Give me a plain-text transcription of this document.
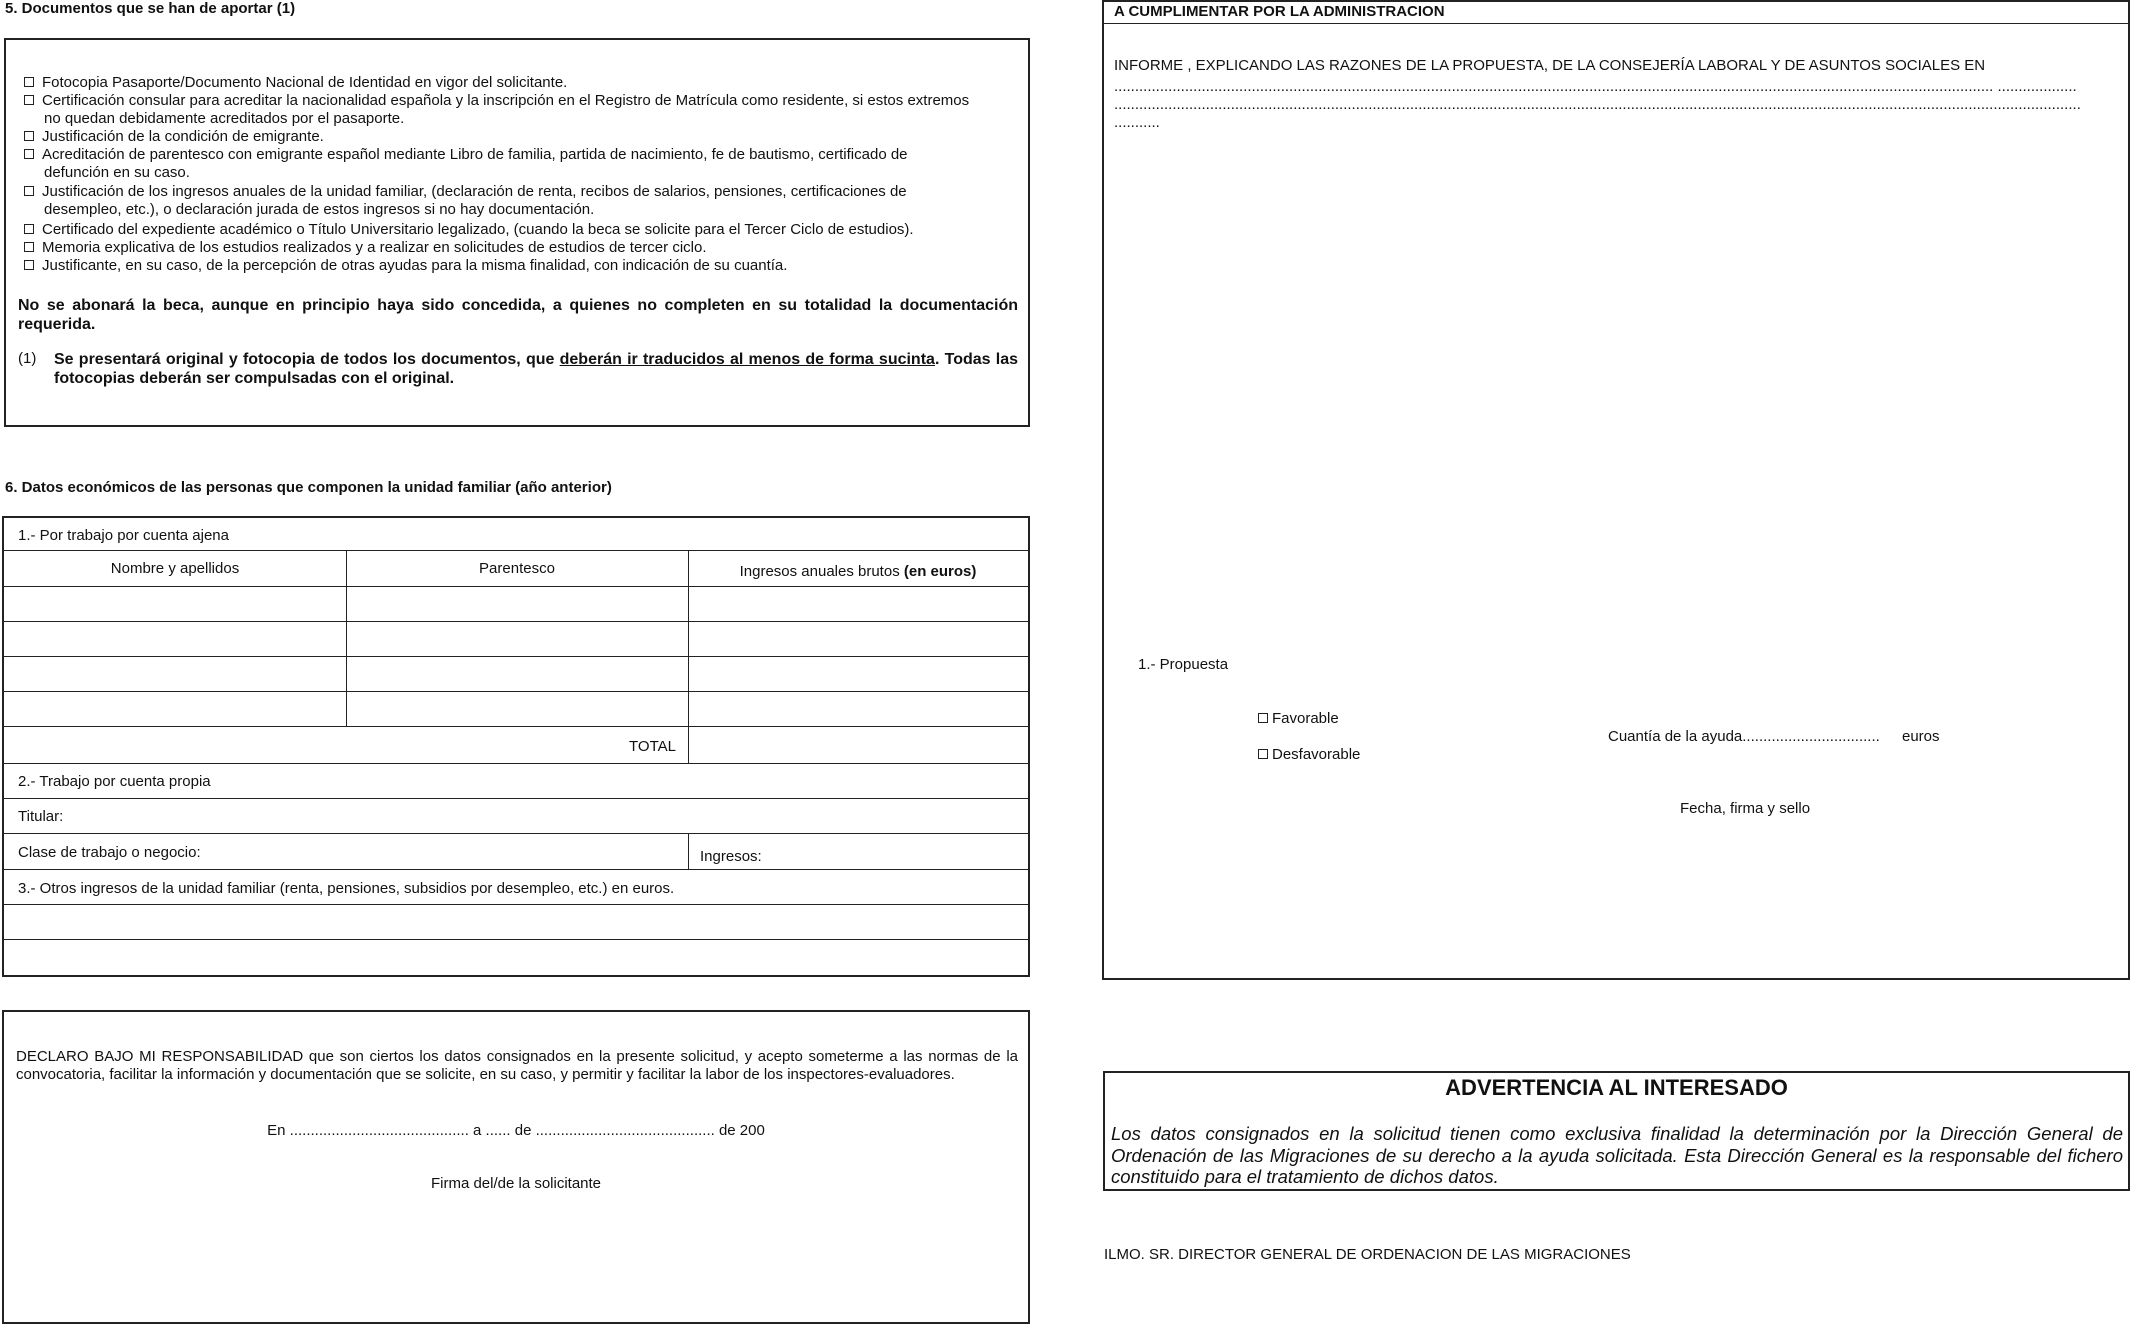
5. Documentos que se han de aportar (1)
Fotocopia Pasaporte/Documento Nacional de Identidad en vigor del solicitante.
Certificación consular para acreditar la nacionalidad española y la inscripción en el Registro de Matrícula como residente, si estos extremos
no quedan debidamente acreditados por el pasaporte.
Justificación de la condición de emigrante.
Acreditación de parentesco con emigrante español mediante Libro de familia, partida de nacimiento, fe de bautismo, certificado de
defunción en su caso.
Justificación de los ingresos anuales de la unidad familiar, (declaración de renta, recibos de salarios, pensiones, certificaciones de
desempleo, etc.), o declaración jurada de estos ingresos si no hay documentación.
Certificado del expediente académico o Título Universitario legalizado, (cuando la beca se solicite para el Tercer Ciclo de estudios).
Memoria explicativa de los estudios realizados y a realizar en solicitudes de estudios de tercer ciclo.
Justificante, en su caso, de la percepción de otras ayudas para la misma finalidad, con indicación de su cuantía.
No se abonará la beca, aunque en principio haya sido concedida, a quienes no completen en su totalidad la documentación requerida.
(1) Se presentará original y fotocopia de todos los documentos, que deberán ir traducidos al menos de forma sucinta. Todas las fotocopias deberán ser compulsadas con el original.
6. Datos económicos de las personas que componen la unidad familiar (año anterior)
1.- Por trabajo por cuenta ajena
Nombre y apellidos	Parentesco	Ingresos anuales brutos (en euros)
TOTAL
2.- Trabajo por cuenta propia
Titular:
Clase de trabajo o negocio:	Ingresos:
3.- Otros ingresos de la unidad familiar (renta, pensiones, subsidios por desempleo, etc.) en euros.
DECLARO BAJO MI RESPONSABILIDAD que son ciertos los datos consignados en la presente solicitud, y acepto someterme a las normas de la convocatoria, facilitar la información y documentación que se solicite, en su caso, y permitir y facilitar la labor de los inspectores-evaluadores.
En ........................................... a ...... de ........................................... de 200
Firma del/de la solicitante
A CUMPLIMENTAR POR LA ADMINISTRACION
INFORME , EXPLICANDO LAS RAZONES DE LA PROPUESTA, DE LA CONSEJERÍA LABORAL Y DE ASUNTOS SOCIALES EN
................................................................................................................................................................................................................... ...................
........................................................................................................................................................................................................................................
...........
1.- Propuesta
Favorable
Desfavorable
Cuantía de la ayuda................................. euros
Fecha, firma y sello
ADVERTENCIA AL INTERESADO
Los datos consignados en la solicitud tienen como exclusiva finalidad la determinación por la Dirección General de Ordenación de las Migraciones de su derecho a la ayuda solicitada. Esta Dirección General es la responsable del fichero constituido para el tratamiento de dichos datos.
ILMO. SR. DIRECTOR GENERAL DE ORDENACION DE LAS MIGRACIONES
